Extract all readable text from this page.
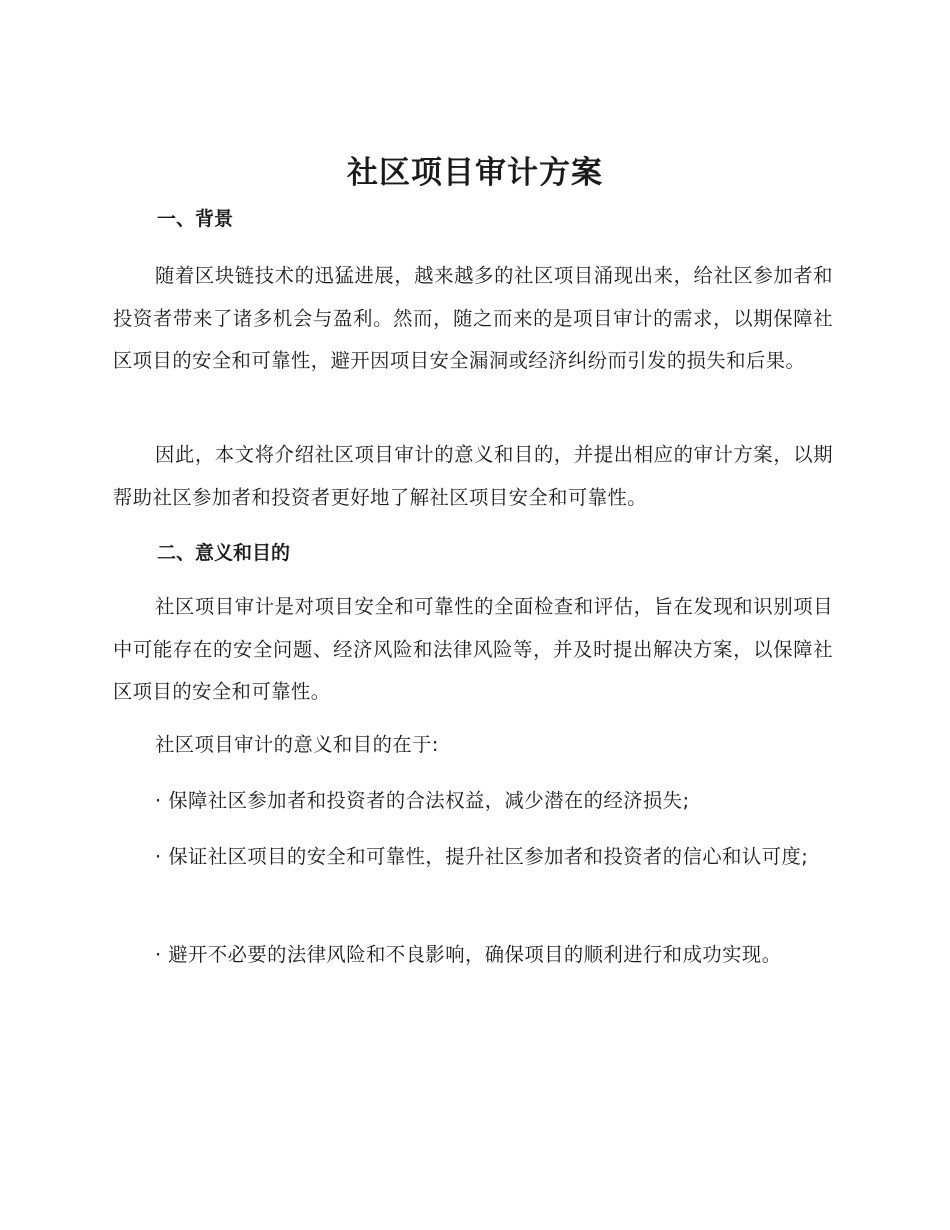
社区项目审计方案
一、背景

随着区块链技术的迅猛进展，越来越多的社区项目涌现出来，给社区参加者和投资者带来了诸多机会与盈利。然而，随之而来的是项目审计的需求，以期保障社区项目的安全和可靠性，避开因项目安全漏洞或经济纠纷而引发的损失和后果。

因此，本文将介绍社区项目审计的意义和目的，并提出相应的审计方案，以期帮助社区参加者和投资者更好地了解社区项目安全和可靠性。

二、意义和目的

社区项目审计是对项目安全和可靠性的全面检查和评估，旨在发现和识别项目中可能存在的安全问题、经济风险和法律风险等，并及时提出解决方案，以保障社区项目的安全和可靠性。

社区项目审计的意义和目的在于:

· 保障社区参加者和投资者的合法权益，减少潜在的经济损失;

· 保证社区项目的安全和可靠性，提升社区参加者和投资者的信心和认可度;

· 避开不必要的法律风险和不良影响，确保项目的顺利进行和成功实现。
